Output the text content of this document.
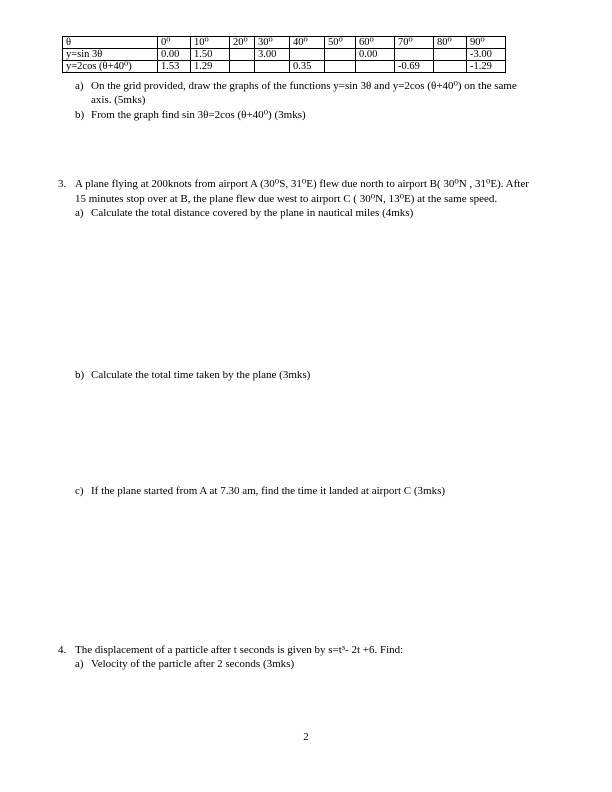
θ	0⁰	10⁰	20⁰	30⁰	40⁰	50⁰	60⁰	70⁰	80⁰	90⁰
y=sin 3θ	0.00	1.50		3.00			0.00			-3.00
y=2cos (θ+40⁰)	1.53	1.29			0.35			-0.69		-1.29
a) On the grid provided, draw the graphs of the functions y=sin 3θ and y=2cos (θ+40⁰) on the same
axis. (5mks)
b) From the graph find sin 3θ=2cos (θ+40⁰) (3mks)
3. A plane flying at 200knots from airport A (30⁰S, 31⁰E) flew due north to airport B( 30⁰N , 31⁰E). After
15 minutes stop over at B, the plane flew due west to airport C ( 30⁰N, 13⁰E) at the same speed.
a) Calculate the total distance covered by the plane in nautical miles (4mks)
b) Calculate the total time taken by the plane (3mks)
c) If the plane started from A at 7.30 am, find the time it landed at airport C (3mks)
4. The displacement of a particle after t seconds is given by s=t³- 2t +6. Find:
a) Velocity of the particle after 2 seconds (3mks)
2
